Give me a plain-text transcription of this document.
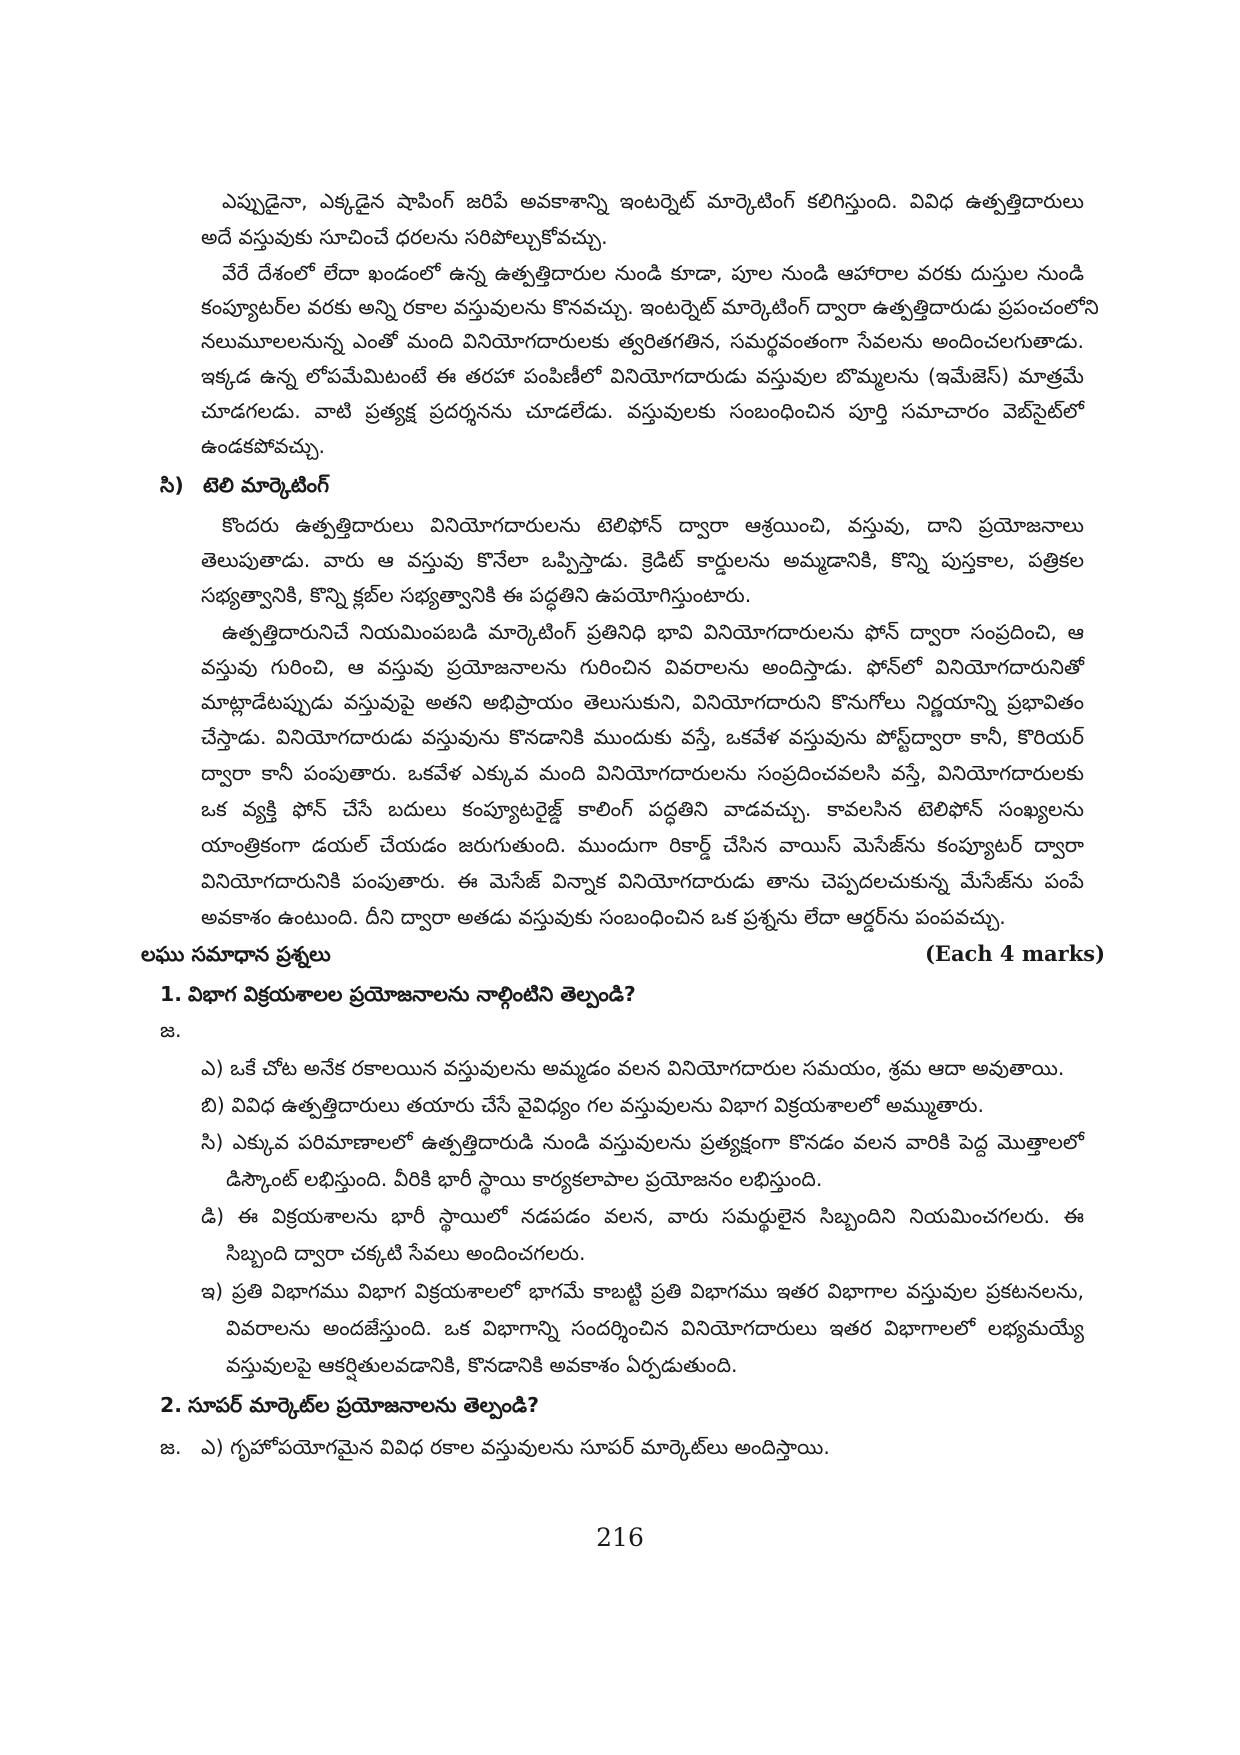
ఎప్పుడైనా, ఎక్కడైన షాపింగ్ జరిపే అవకాశాన్ని ఇంటర్నెట్ మార్కెటింగ్ కలిగిస్తుంది. వివిధ ఉత్పత్తిదారులు
అదే వస్తువుకు సూచించే ధరలను సరిపోల్చుకోవచ్చు.
వేరే దేశంలో లేదా ఖండంలో ఉన్న ఉత్పత్తిదారుల నుండి కూడా, పూల నుండి ఆహారాల వరకు దుస్తుల నుండి
కంప్యూటర్‌ల వరకు అన్ని రకాల వస్తువులను కొనవచ్చు. ఇంటర్నెట్ మార్కెటింగ్ ద్వారా ఉత్పత్తిదారుడు ప్రపంచంలోని
నలుమూలలనున్న ఎంతో మంది వినియోగదారులకు త్వరితగతిన, సమర్థవంతంగా సేవలను అందించలగుతాడు.
ఇక్కడ ఉన్న లోపమేమిటంటే ఈ తరహా పంపిణీలో వినియోగదారుడు వస్తువుల బొమ్మలను (ఇమేజెస్) మాత్రమే
చూడగలడు. వాటి ప్రత్యక్ష ప్రదర్శనను చూడలేడు. వస్తువులకు సంబంధించిన పూర్తి సమాచారం వెబ్‌సైట్‌లో
ఉండకపోవచ్చు.
సి) టెలి మార్కెటింగ్
కొందరు ఉత్పత్తిదారులు వినియోగదారులను టెలిఫోన్ ద్వారా ఆశ్రయించి, వస్తువు, దాని ప్రయోజనాలు
తెలుపుతాడు. వారు ఆ వస్తువు కొనేలా ఒప్పిస్తాడు. క్రెడిట్ కార్డులను అమ్మడానికి, కొన్ని పుస్తకాల, పత్రికల
సభ్యత్వానికి, కొన్ని క్లబ్‌ల సభ్యత్వానికి ఈ పద్ధతిని ఉపయోగిస్తుంటారు.
ఉత్పత్తిదారునిచే నియమింపబడి మార్కెటింగ్ ప్రతినిధి భావి వినియోగదారులను ఫోన్ ద్వారా సంప్రదించి, ఆ
వస్తువు గురించి, ఆ వస్తువు ప్రయోజనాలను గురించిన వివరాలను అందిస్తాడు. ఫోన్‌లో వినియోగదారునితో
మాట్లాడేటప్పుడు వస్తువుపై అతని అభిప్రాయం తెలుసుకుని, వినియోగదారుని కొనుగోలు నిర్ణయాన్ని ప్రభావితం
చేస్తాడు. వినియోగదారుడు వస్తువును కొనడానికి ముందుకు వస్తే, ఒకవేళ వస్తువును పోస్ట్‌ద్వారా కానీ, కొరియర్
ద్వారా కానీ పంపుతారు. ఒకవేళ ఎక్కువ మంది వినియోగదారులను సంప్రదించవలసి వస్తే, వినియోగదారులకు
ఒక వ్యక్తి ఫోన్ చేసే బదులు కంప్యూటరైజ్డ్ కాలింగ్ పద్ధతిని వాడవచ్చు. కావలసిన టెలిఫోన్ సంఖ్యలను
యాంత్రికంగా డయల్ చేయడం జరుగుతుంది. ముందుగా రికార్డ్ చేసిన వాయిస్ మెసేజ్‌ను కంప్యూటర్ ద్వారా
వినియోగదారునికి పంపుతారు. ఈ మెసేజ్ విన్నాక వినియోగదారుడు తాను చెప్పదలచుకున్న మేసేజ్‌ను పంపే
అవకాశం ఉంటుంది. దీని ద్వారా అతడు వస్తువుకు సంబంధించిన ఒక ప్రశ్నను లేదా ఆర్డర్‌ను పంపవచ్చు.
లఘు సమాధాన ప్రశ్నలు	(Each 4 marks)
1. విభాగ విక్రయశాలల ప్రయోజనాలను నాల్గింటిని తెల్పండి?
జ.
ఎ) ఒకే చోట అనేక రకాలయిన వస్తువులను అమ్మడం వలన వినియోగదారుల సమయం, శ్రమ ఆదా అవుతాయి.
బి) వివిధ ఉత్పత్తిదారులు తయారు చేసే వైవిధ్యం గల వస్తువులను విభాగ విక్రయశాలలో అమ్ముతారు.
సి) ఎక్కువ పరిమాణాలలో ఉత్పత్తిదారుడి నుండి వస్తువులను ప్రత్యక్షంగా కొనడం వలన వారికి పెద్ద మొత్తాలలో
డిస్కౌంట్ లభిస్తుంది. వీరికి భారీ స్థాయి కార్యకలాపాల ప్రయోజనం లభిస్తుంది.
డి) ఈ విక్రయశాలను భారీ స్థాయిలో నడపడం వలన, వారు సమర్థులైన సిబ్బందిని నియమించగలరు. ఈ
సిబ్బంది ద్వారా చక్కటి సేవలు అందించగలరు.
ఇ) ప్రతి విభాగము విభాగ విక్రయశాలలో భాగమే కాబట్టి ప్రతి విభాగము ఇతర విభాగాల వస్తువుల ప్రకటనలను,
వివరాలను అందజేస్తుంది. ఒక విభాగాన్ని సందర్శించిన వినియోగదారులు ఇతర విభాగాలలో లభ్యమయ్యే
వస్తువులపై ఆకర్షితులవడానికి, కొనడానికి అవకాశం ఏర్పడుతుంది.
2. సూపర్ మార్కెట్‌ల ప్రయోజనాలను తెల్పండి?
జ. ఎ) గృహోపయోగమైన వివిధ రకాల వస్తువులను సూపర్ మార్కెట్‌లు అందిస్తాయి.
216
